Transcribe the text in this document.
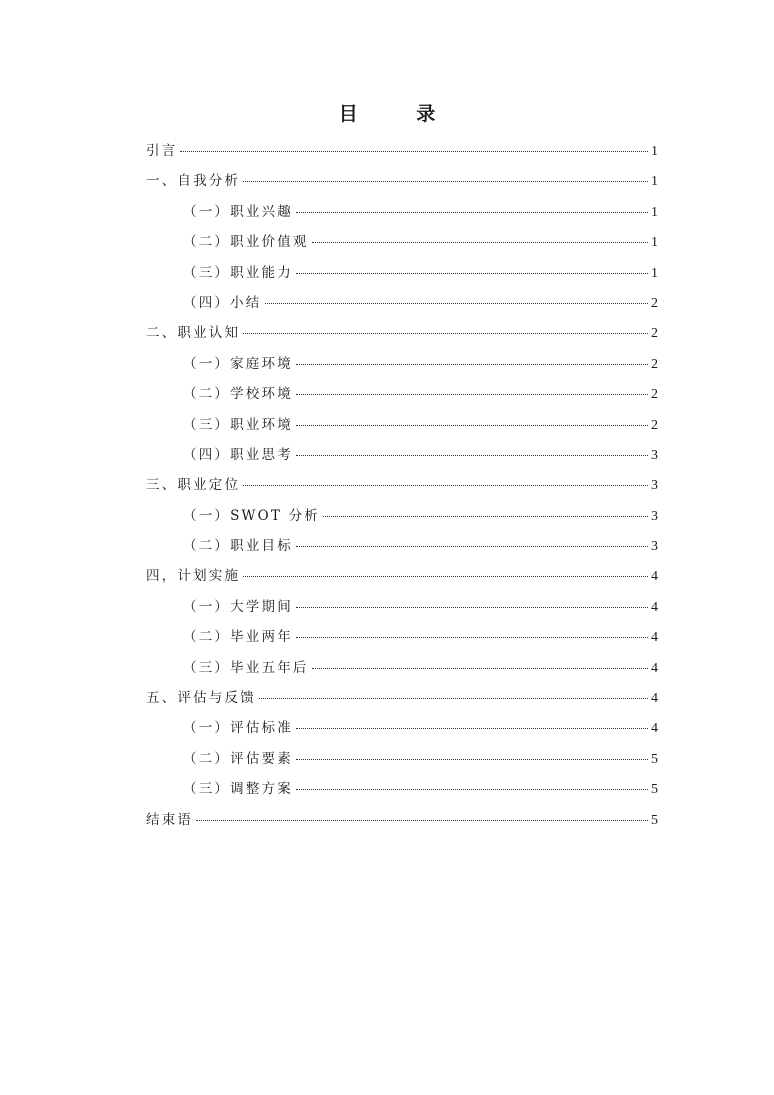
目 录
引言	1
一、自我分析	1
（一）职业兴趣	1
（二）职业价值观	1
（三）职业能力	1
（四）小结	2
二、职业认知	2
（一）家庭环境	2
（二）学校环境	2
（三）职业环境	2
（四）职业思考	3
三、职业定位	3
（一）SWOT 分析	3
（二）职业目标	3
四，计划实施	4
（一）大学期间	4
（二）毕业两年	4
（三）毕业五年后	4
五、评估与反馈	4
（一）评估标准	4
（二）评估要素	5
（三）调整方案	5
结束语	5
